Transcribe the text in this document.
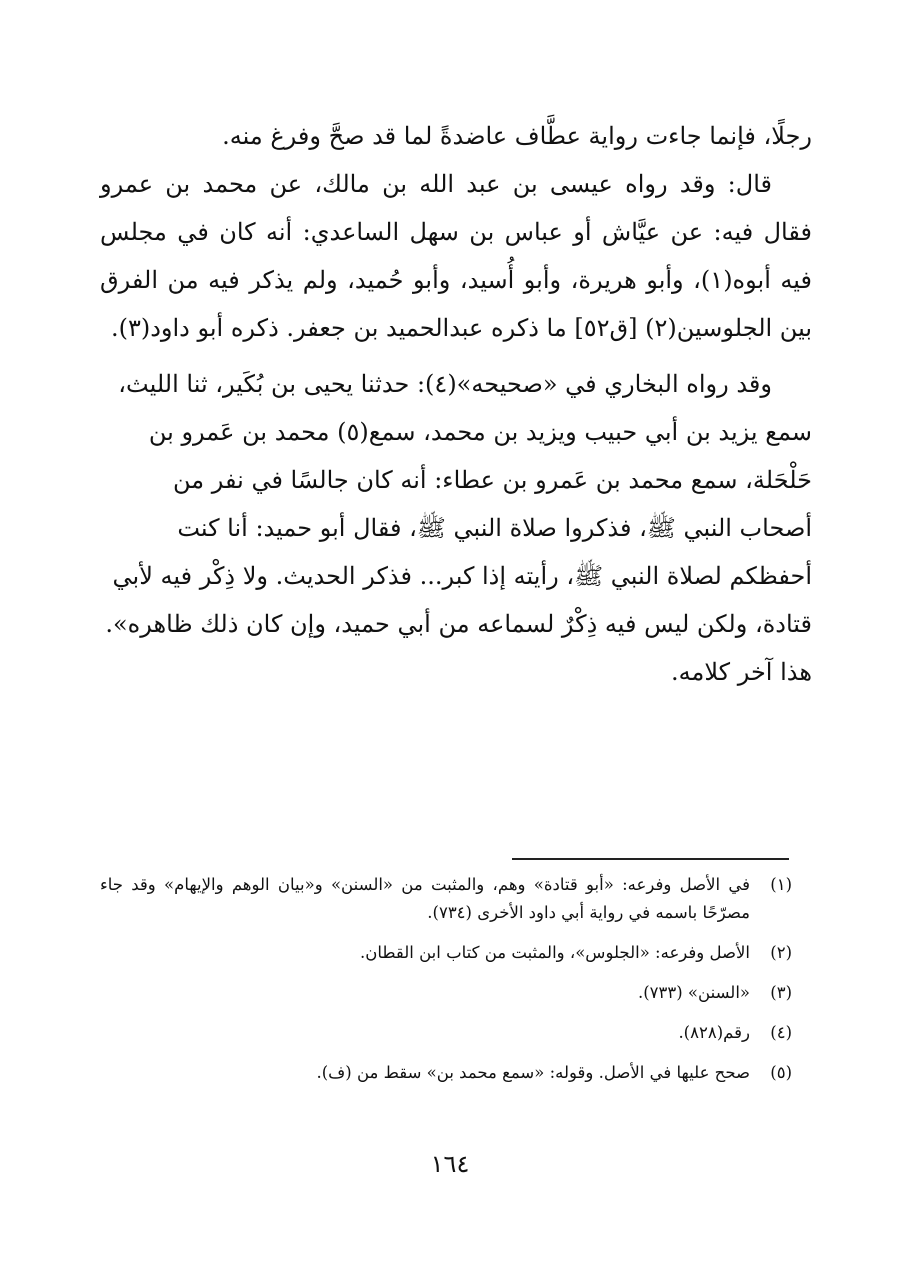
رجلًا، فإنما جاءت رواية عطَّاف عاضدةً لما قد صحَّ وفرغ منه.

قال: وقد رواه عيسى بن عبد الله بن مالك، عن محمد بن عمرو فقال فيه: عن عيَّاش أو عباس بن سهل الساعدي: أنه كان في مجلس فيه أبوه(١)، وأبو هريرة، وأبو أُسيد، وأبو حُميد، ولم يذكر فيه من الفرق بين الجلوسين(٢) [ق٥٢] ما ذكره عبدالحميد بن جعفر. ذكره أبو داود(٣).

وقد رواه البخاري في «صحيحه»(٤): حدثنا يحيى بن بُكَير، ثنا الليث، سمع يزيد بن أبي حبيب ويزيد بن محمد، سمع(٥) محمد بن عَمرو بن حَلْحَلة، سمع محمد بن عَمرو بن عطاء: أنه كان جالسًا في نفر من أصحاب النبي ﷺ، فذكروا صلاة النبي ﷺ، فقال أبو حميد: أنا كنت أحفظكم لصلاة النبي ﷺ، رأيته إذا كبر... فذكر الحديث. ولا ذِكْر فيه لأبي قتادة، ولكن ليس فيه ذِكْرٌ لسماعه من أبي حميد، وإن كان ذلك ظاهره». هذا آخر كلامه.

(١)
في الأصل وفرعه: «أبو قتادة» وهم، والمثبت من «السنن» و«بيان الوهم والإيهام» وقد جاء مصرّحًا باسمه في رواية أبي داود الأخرى (٧٣٤).
(٢)
الأصل وفرعه: «الجلوس»، والمثبت من كتاب ابن القطان.
(٣)
«السنن» (٧٣٣).
(٤)
رقم(٨٢٨).
(٥)
صحح عليها في الأصل. وقوله: «سمع محمد بن» سقط من (ف).
١٦٤
